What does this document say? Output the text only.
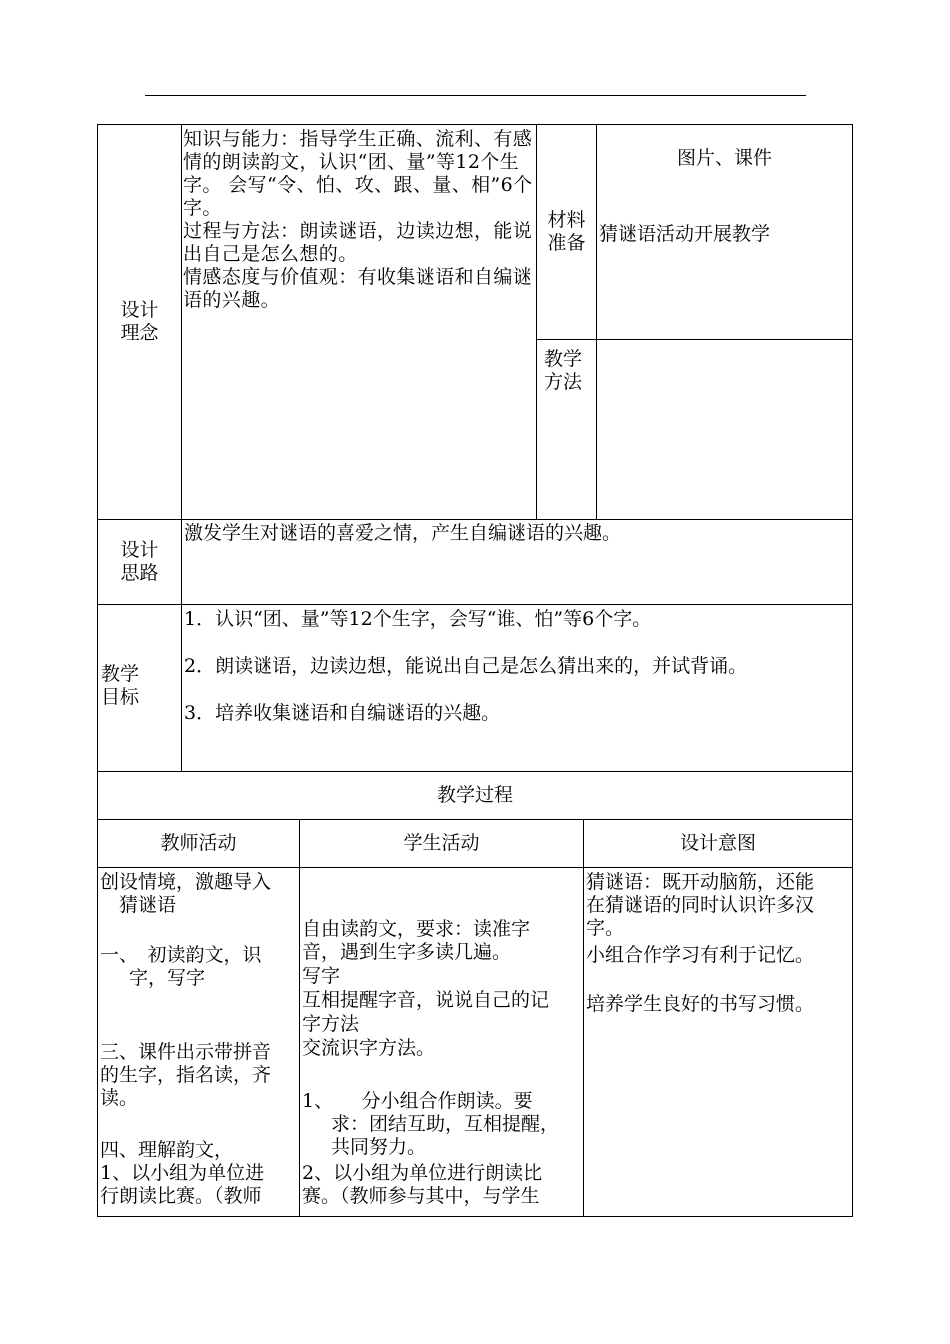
设计
理念
知识与能力：指导学生正确、流利、有感情的朗读韵文，认识“团、量”等12个生字。 会写“令、怕、攻、跟、量、相”6个字。
过程与方法：朗读谜语，边读边想，能说出自己是怎么想的。
情感态度与价值观：有收集谜语和自编谜语的兴趣。
材料
准备
图片、课件
猜谜语活动开展教学
教学
方法
设计
思路
激发学生对谜语的喜爱之情，产生自编谜语的兴趣。
教学
目标
1．认识“团、量”等12个生字，会写“谁、怕”等6个字。
2．朗读谜语，边读边想，能说出自己是怎么猜出来的，并试背诵。
3．培养收集谜语和自编谜语的兴趣。
教学过程
教师活动	学生活动	设计意图
创设情境，激趣导入
猜谜语
一、　初读韵文，识
字，写字
三、课件出示带拼音
的生字，指名读，齐
读。
四、理解韵文，
1、以小组为单位进
行朗读比赛。（教师
自由读韵文，要求：读准字
音，遇到生字多读几遍。
写字
互相提醒字音，说说自己的记
字方法
交流识字方法。
1、　　分小组合作朗读。要
求：团结互助，互相提醒，
共同努力。
2、以小组为单位进行朗读比
赛。（教师参与其中，与学生
猜谜语：既开动脑筋，还能
在猜谜语的同时认识许多汉
字。
小组合作学习有利于记忆。
培养学生良好的书写习惯。
